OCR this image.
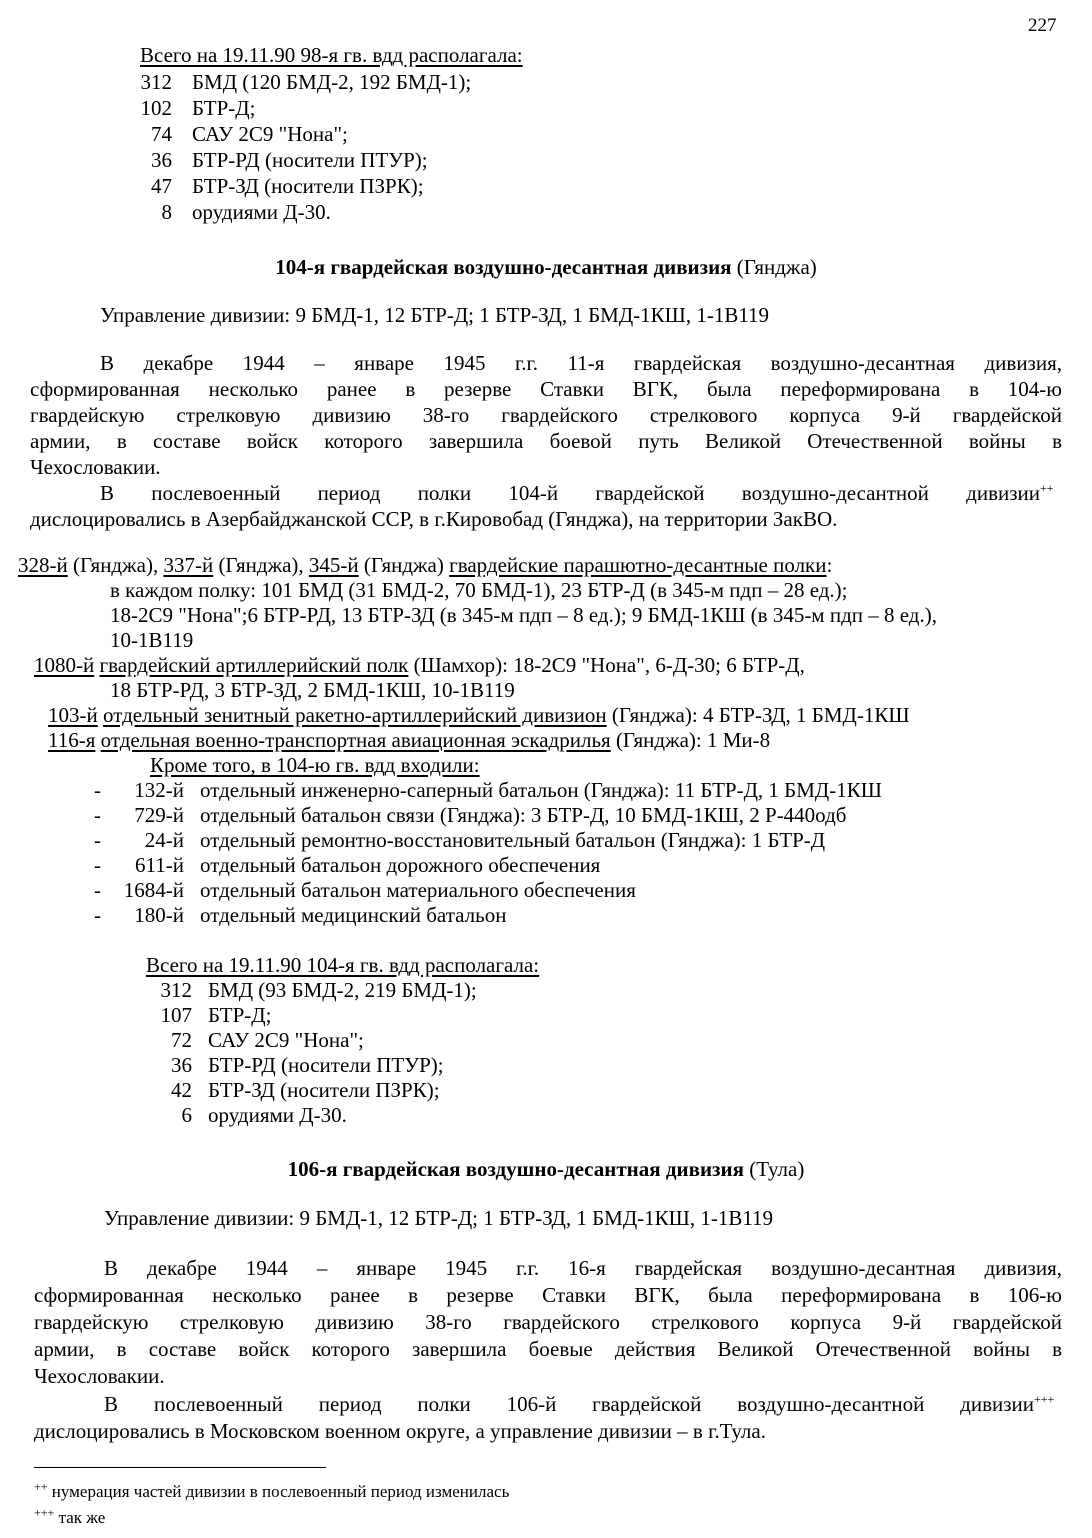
227
Всего на 19.11.90 98-я гв. вдд располагала:
312 БМД (120 БМД-2, 192 БМД-1);
102 БТР-Д;
74 САУ 2С9 "Нона";
36 БТР-РД (носители ПТУР);
47 БТР-ЗД (носители ПЗРК);
8 орудиями Д-30.
104-я гвардейская воздушно-десантная дивизия (Гянджа)
Управление дивизии: 9 БМД-1, 12 БТР-Д; 1 БТР-ЗД, 1 БМД-1КШ, 1-1В119
В декабре 1944 – январе 1945 г.г. 11-я гвардейская воздушно-десантная дивизия,
сформированная несколько ранее в резерве Ставки ВГК, была переформирована в 104-ю
гвардейскую стрелковую дивизию 38-го гвардейского стрелкового корпуса 9-й гвардейской
армии, в составе войск которого завершила боевой путь Великой Отечественной войны в
Чехословакии.
В послевоенный период полки 104-й гвардейской воздушно-десантной дивизии++
дислоцировались в Азербайджанской ССР, в г.Кировобад (Гянджа), на территории ЗакВО.
328-й (Гянджа), 337-й (Гянджа), 345-й (Гянджа) гвардейские парашютно-десантные полки:
в каждом полку: 101 БМД (31 БМД-2, 70 БМД-1), 23 БТР-Д (в 345-м пдп – 28 ед.);
18-2С9 "Нона";6 БТР-РД, 13 БТР-ЗД (в 345-м пдп – 8 ед.); 9 БМД-1КШ (в 345-м пдп – 8 ед.),
10-1В119
1080-й гвардейский артиллерийский полк (Шамхор): 18-2С9 "Нона", 6-Д-30; 6 БТР-Д,
18 БТР-РД, 3 БТР-ЗД, 2 БМД-1КШ, 10-1В119
103-й отдельный зенитный ракетно-артиллерийский дивизион (Гянджа): 4 БТР-ЗД, 1 БМД-1КШ
116-я отдельная военно-транспортная авиационная эскадрилья (Гянджа): 1 Ми-8
Кроме того, в 104-ю гв. вдд входили:
- 132-й отдельный инженерно-саперный батальон (Гянджа): 11 БТР-Д, 1 БМД-1КШ
- 729-й отдельный батальон связи (Гянджа): 3 БТР-Д, 10 БМД-1КШ, 2 Р-440одб
- 24-й отдельный ремонтно-восстановительный батальон (Гянджа): 1 БТР-Д
- 611-й отдельный батальон дорожного обеспечения
- 1684-й отдельный батальон материального обеспечения
- 180-й отдельный медицинский батальон
Всего на 19.11.90 104-я гв. вдд располагала:
312 БМД (93 БМД-2, 219 БМД-1);
107 БТР-Д;
72 САУ 2С9 "Нона";
36 БТР-РД (носители ПТУР);
42 БТР-ЗД (носители ПЗРК);
6 орудиями Д-30.
106-я гвардейская воздушно-десантная дивизия (Тула)
Управление дивизии: 9 БМД-1, 12 БТР-Д; 1 БТР-ЗД, 1 БМД-1КШ, 1-1В119
В декабре 1944 – январе 1945 г.г. 16-я гвардейская воздушно-десантная дивизия,
сформированная несколько ранее в резерве Ставки ВГК, была переформирована в 106-ю
гвардейскую стрелковую дивизию 38-го гвардейского стрелкового корпуса 9-й гвардейской
армии, в составе войск которого завершила боевые действия Великой Отечественной войны в
Чехословакии.
В послевоенный период полки 106-й гвардейской воздушно-десантной дивизии+++
дислоцировались в Московском военном округе, а управление дивизии – в г.Тула.
++ нумерация частей дивизии в послевоенный период изменилась
+++ так же
